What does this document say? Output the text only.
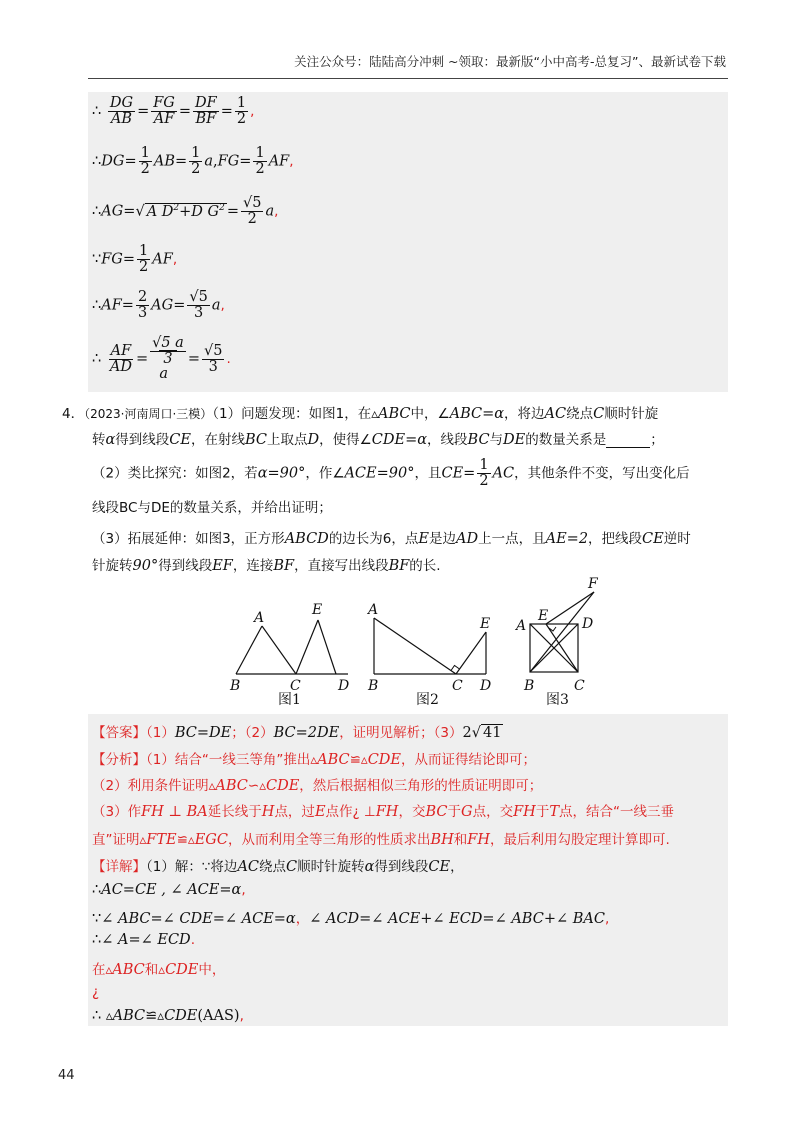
关注公众号：陆陆高分冲刺 ~领取：最新版“小中高考-总复习”、最新试卷下载
∴ $\frac{DG}{AB} = \frac{FG}{AF} = \frac{DF}{BF} = \frac{1}{2}$ ,
∴DG= $\frac{1}{2} AB= \frac{1}{2} a,FG= \frac{1}{2}$ AF,
∴AG=√ A $D^2+D$ $G^2 = \frac{√5}{2} a$,
∵FG= $\frac{1}{2}$ AF,
∴AF= $\frac{2}{3} AG= \frac{√5}{3} a$,
∴ $\frac{AF}{AD}$ =
√5 a
3
a
= $\frac{√5}{3}$ .
4．（2023·河南周口·三模）（1）问题发现：如图1，在▵ABC中，∠ABC=α，将边AC绕点C顺时针旋
转α得到线段CE，在射线BC上取点D，使得∠CDE=α，线段BC与DE的数量关系是	；
（2）类比探究：如图2，若α=90°，作∠ACE=90°，且$CE= \frac{1}{2}$ AC，其他条件不变，写出变化后
线段BC与DE的数量关系，并给出证明；
（3）拓展延伸：如图3，正方形ABCD的边长为6，点E是边AD上一点，且AE=2，把线段CE逆时
针旋转90°得到线段EF，连接BF，直接写出线段BF的长.
A	E
B	C	D
图1
A
E
B	C D
图2
A
E D
F
B	C
图3
【答案】（1）BC=DE；（2）BC=2DE，证明见解析；（3）2√ 41
【分析】（1）结合“一线三等角”推出▵ABC≌▵CDE，从而证得结论即可；
（2）利用条件证明▵ABC∽▵CDE，然后根据相似三角形的性质证明即可；
（3）作FH ⊥ BA延长线于H点，过E点作¿ ⊥FH，交BC于G点，交FH于T点，结合“一线三垂
直”证明▵FTE≌▵EGC，从而利用全等三角形的性质求出BH和FH，最后利用勾股定理计算即可.
【详解】（1）解：∵将边AC绕点C顺时针旋转α得到线段CE，
∴AC=CE , ∠ ACE=α,
∵∠ ABC=∠ CDE=∠ ACE=α，∠ ACD=∠ ACE+∠ ECD=∠ ABC+∠ BAC,
∴∠ A=∠ ECD.
在▵ABC和▵CDE中，
¿
∴ ▵ABC≌▵CDE(AAS),
44
